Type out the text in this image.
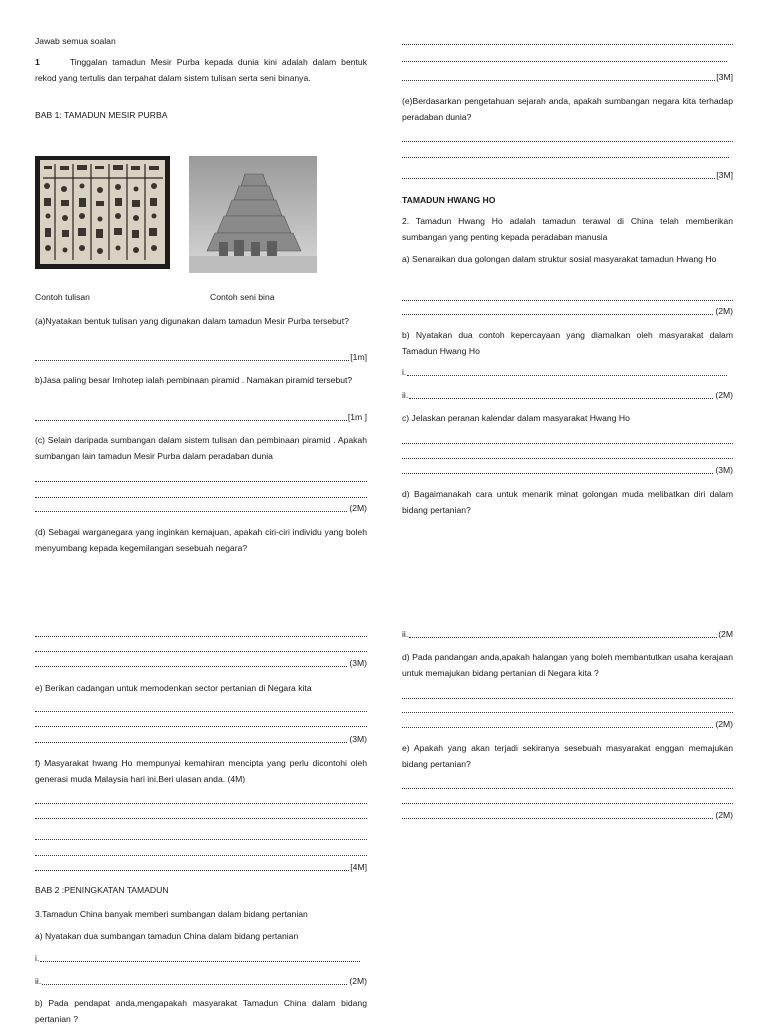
Jawab semua soalan
1	Tinggalan tamadun Mesir Purba kepada dunia kini adalah dalam bentuk rekod yang tertulis dan terpahat dalam sistem tulisan serta seni binanya.
BAB 1: TAMADUN MESIR PURBA
Contoh tulisan	Contoh seni bina
(a)Nyatakan bentuk tulisan yang digunakan dalam tamadun Mesir Purba tersebut?
[1m]
b)Jasa paling besar Imhotep ialah pembinaan piramid . Namakan piramid tersebut?
[1m ]
(c) Selain daripada sumbangan dalam sistem tulisan dan pembinaan piramid . Apakah sumbangan lain tamadun Mesir Purba dalam peradaban dunia
(2M)
(d) Sebagai warganegara yang inginkan kemajuan, apakah ciri-ciri individu yang boleh menyumbang kepada kegemilangan sesebuah negara?
(3M)
e) Berikan cadangan untuk memodenkan sector pertanian di Negara kita
(3M)
f) Masyarakat hwang Ho mempunyai kemahiran mencipta yang perlu dicontohi oleh generasi muda Malaysia hari ini.Beri ulasan anda. (4M)
[4M]
BAB 2 :PENINGKATAN TAMADUN
3.Tamadun China banyak memberi sumbangan dalam bidang pertanian
a) Nyatakan dua sumbangan tamadun China dalam bidang pertanian
i.
ii.	(2M)
b) Pada pendapat anda,mengapakah masyarakat Tamadun China dalam bidang pertanian ?
[3M]
(e)Berdasarkan pengetahuan sejarah anda, apakah sumbangan negara kita terhadap peradaban dunia?
[3M]
TAMADUN HWANG HO
2. Tamadun Hwang Ho adalah tamadun terawal di China telah memberikan sumbangan yang penting kepada peradaban manusia
a) Senaraikan dua golongan dalam struktur sosial masyarakat tamadun Hwang Ho
(2M)
b) Nyatakan dua contoh kepercayaan yang diamalkan oleh masyarakat dalam Tamadun Hwang Ho
i.
ii.	(2M)
c) Jelaskan peranan kalendar dalam masyarakat Hwang Ho
(3M)
d) Bagaimanakah cara untuk menarik minat golongan muda melibatkan diri dalam bidang pertanian?
ii.	(2M
d) Pada pandangan anda,apakah halangan yang boleh membantutkan usaha kerajaan untuk memajukan bidang pertanian di Negara kita ?
(2M)
e) Apakah yang akan terjadi sekiranya sesebuah masyarakat enggan memajukan bidang pertanian?
(2M)
